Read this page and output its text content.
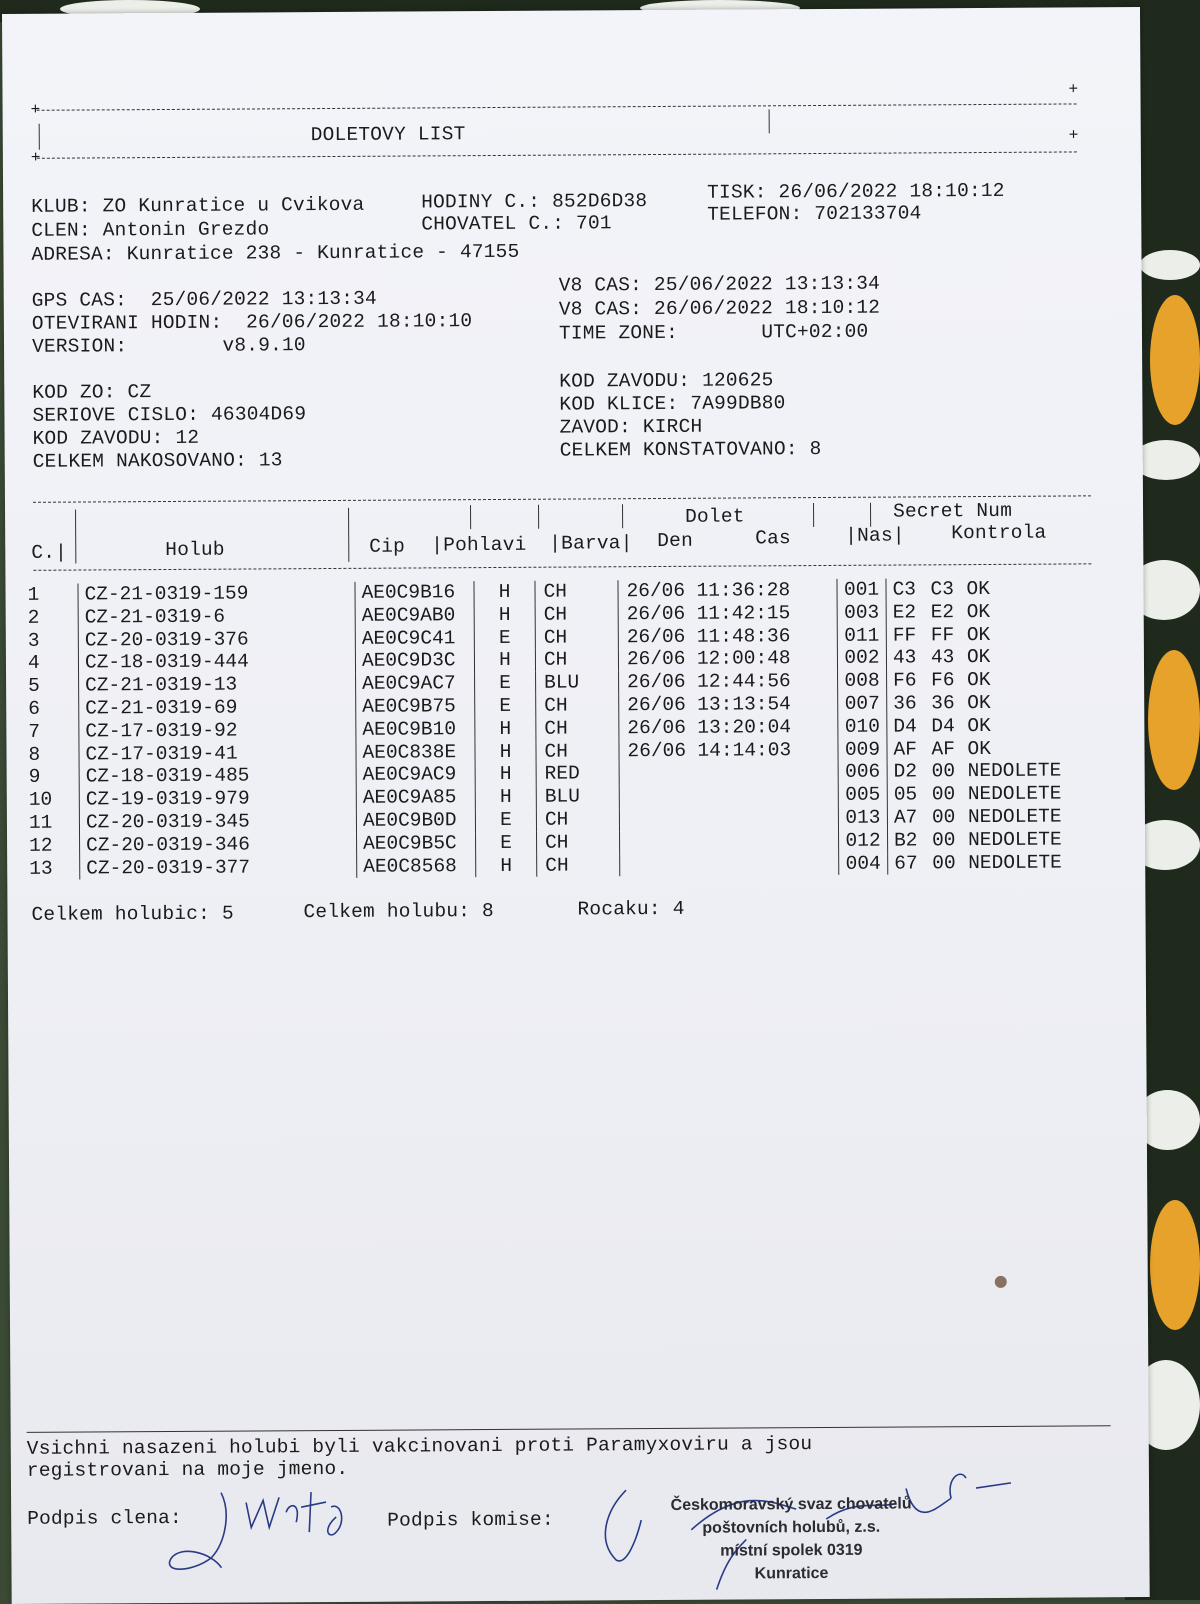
+
+
+
+
DOLETOVY LIST
KLUB: ZO Kunratice u Cvikova	HODINY C.: 852D6D38	TISK: 26/06/2022 18:10:12
CLEN: Antonin Grezdo	CHOVATEL C.: 701	TELEFON: 702133704
ADRESA: Kunratice 238 - Kunratice - 47155
GPS CAS:  25/06/2022 13:13:34
OTEVIRANI HODIN:  26/06/2022 18:10:10
VERSION:        v8.9.10
V8 CAS: 25/06/2022 13:13:34
V8 CAS: 26/06/2022 18:10:12
TIME ZONE:       UTC+02:00
KOD ZO: CZ
SERIOVE CISLO: 46304D69
KOD ZAVODU: 12
CELKEM NAKOSOVANO: 13
KOD ZAVODU: 120625
KOD KLICE: 7A99DB80
ZAVOD: KIRCH
CELKEM KONSTATOVANO: 8
C.|	Holub	Cip |Pohlavi |Barva|
Dolet
Den	Cas	|Nas|
Secret Num
Kontrola
1	CZ-21-0319-159	AE0C9B16	H	CH	26/06	11:36:28	001	C3	C3	OK
2	CZ-21-0319-6	AE0C9AB0	H	CH	26/06	11:42:15	003	E2	E2	OK
3	CZ-20-0319-376	AE0C9C41	E	CH	26/06	11:48:36	011	FF	FF	OK
4	CZ-18-0319-444	AE0C9D3C	H	CH	26/06	12:00:48	002	43	43	OK
5	CZ-21-0319-13	AE0C9AC7	E	BLU	26/06	12:44:56	008	F6	F6	OK
6	CZ-21-0319-69	AE0C9B75	E	CH	26/06	13:13:54	007	36	36	OK
7	CZ-17-0319-92	AE0C9B10	H	CH	26/06	13:20:04	010	D4	D4	OK
8	CZ-17-0319-41	AE0C838E	H	CH	26/06	14:14:03	009	AF	AF	OK
9	CZ-18-0319-485	AE0C9AC9	H	RED			006	D2	00	NEDOLETE
10	CZ-19-0319-979	AE0C9A85	H	BLU			005	05	00	NEDOLETE
11	CZ-20-0319-345	AE0C9B0D	E	CH			013	A7	00	NEDOLETE
12	CZ-20-0319-346	AE0C9B5C	E	CH			012	B2	00	NEDOLETE
13	CZ-20-0319-377	AE0C8568	H	CH			004	67	00	NEDOLETE
Celkem holubic: 5	Celkem holubu: 8	Rocaku: 4
Vsichni nasazeni holubi byli vakcinovani proti Paramyxoviru a jsou
registrovani na moje jmeno.
Podpis clena:	Podpis komise:
Českomoravský svaz chovatelů
poštovních holubů, z.s.
místní spolek 0319
Kunratice
